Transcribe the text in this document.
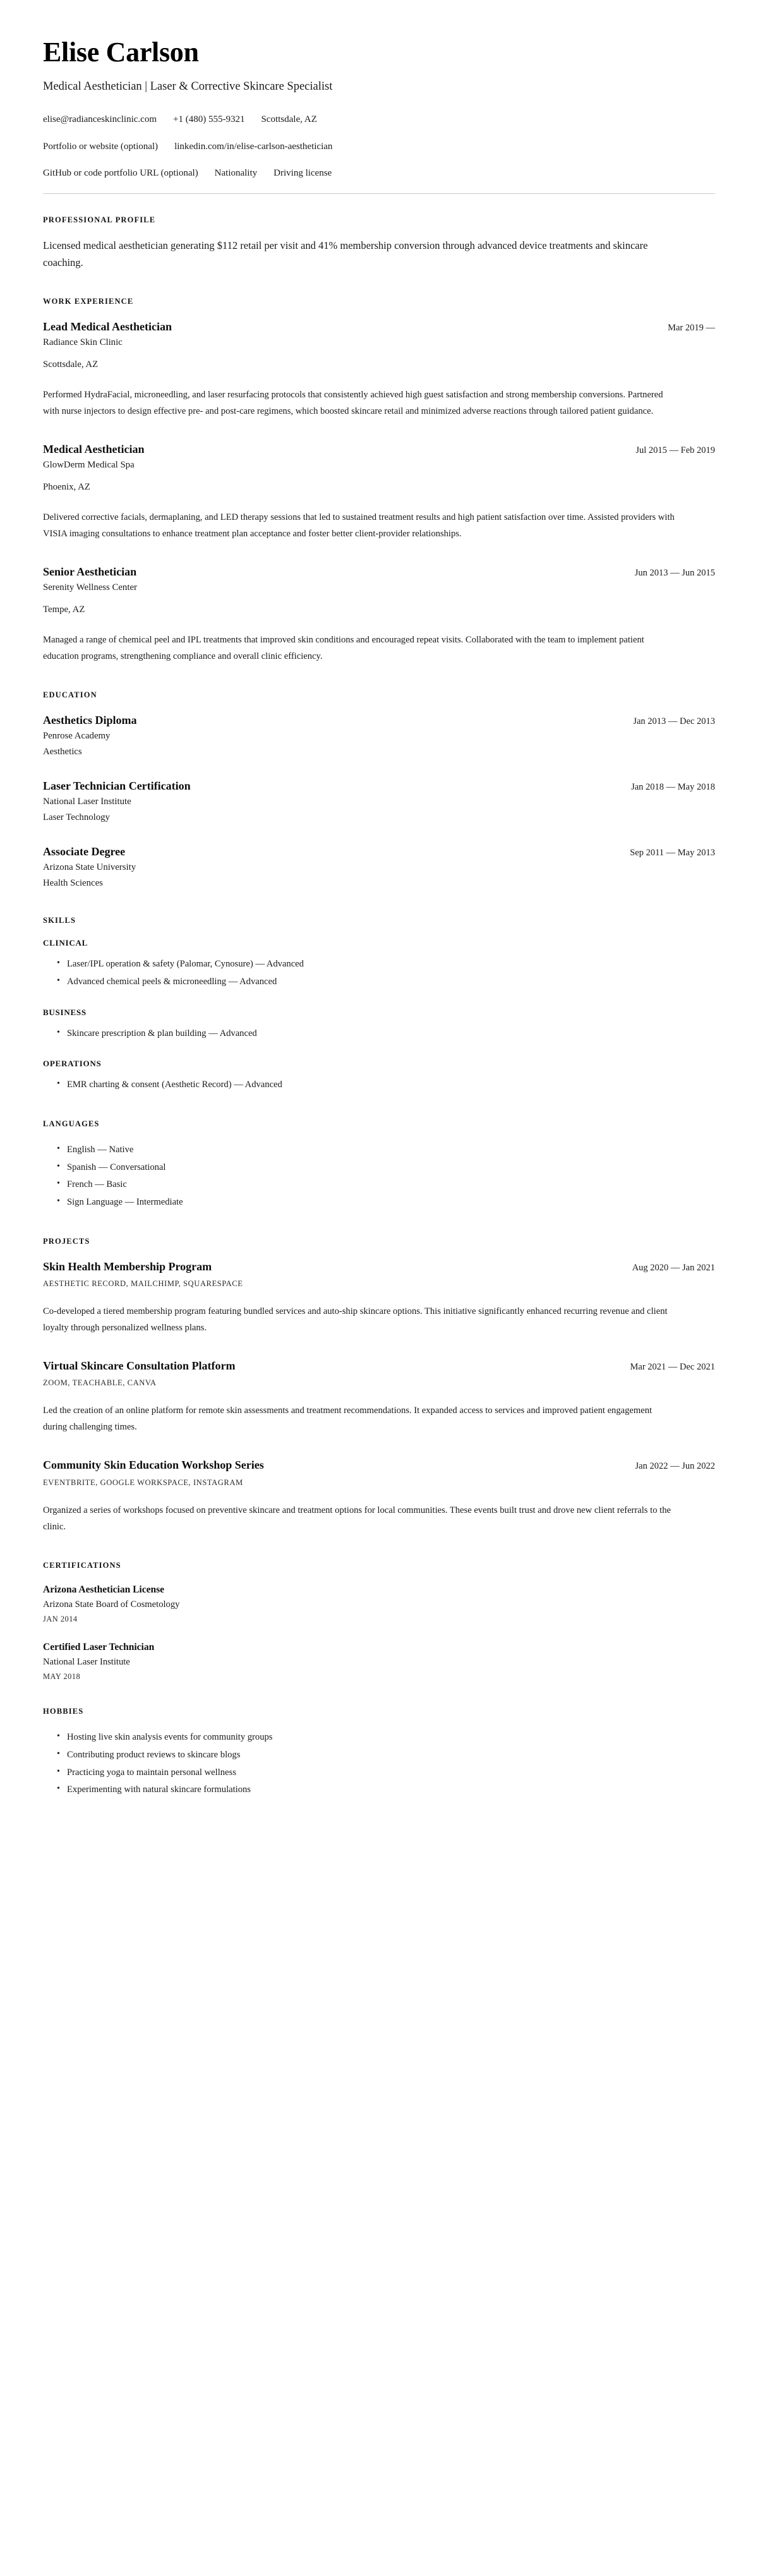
Elise Carlson

Medical Aesthetician | Laser & Corrective Skincare Specialist

elise@radianceskinclinic.com +1 (480) 555-9321 Scottsdale, AZ
Portfolio or website (optional) linkedin.com/in/elise-carlson-aesthetician
GitHub or code portfolio URL (optional) Nationality Driving license
PROFESSIONAL PROFILE

Licensed medical aesthetician generating $112 retail per visit and 41% membership conversion through advanced device treatments and skincare coaching.

WORK EXPERIENCE
Lead Medical Aesthetician	Mar 2019 —

Radiance Skin Clinic

Scottsdale, AZ

Performed HydraFacial, microneedling, and laser resurfacing protocols that consistently achieved high guest satisfaction and strong membership conversions. Partnered with nurse injectors to design effective pre- and post-care regimens, which boosted skincare retail and minimized adverse reactions through tailored patient guidance.

Medical Aesthetician	Jul 2015 — Feb 2019

GlowDerm Medical Spa

Phoenix, AZ

Delivered corrective facials, dermaplaning, and LED therapy sessions that led to sustained treatment results and high patient satisfaction over time. Assisted providers with VISIA imaging consultations to enhance treatment plan acceptance and foster better client-provider relationships.

Senior Aesthetician	Jun 2013 — Jun 2015

Serenity Wellness Center

Tempe, AZ

Managed a range of chemical peel and IPL treatments that improved skin conditions and encouraged repeat visits. Collaborated with the team to implement patient education programs, strengthening compliance and overall clinic efficiency.

EDUCATION
Aesthetics Diploma	Jan 2013 — Dec 2013

Penrose Academy

Aesthetics

Laser Technician Certification	Jan 2018 — May 2018

National Laser Institute

Laser Technology

Associate Degree	Sep 2011 — May 2013

Arizona State University

Health Sciences

SKILLS
CLINICAL
• Laser/IPL operation & safety (Palomar, Cynosure) — Advanced
• Advanced chemical peels & microneedling — Advanced
BUSINESS
• Skincare prescription & plan building — Advanced
OPERATIONS
• EMR charting & consent (Aesthetic Record) — Advanced
LANGUAGES
• English — Native
• Spanish — Conversational
• French — Basic
• Sign Language — Intermediate
PROJECTS
Skin Health Membership Program	Aug 2020 — Jan 2021

AESTHETIC RECORD, MAILCHIMP, SQUARESPACE

Co-developed a tiered membership program featuring bundled services and auto-ship skincare options. This initiative significantly enhanced recurring revenue and client loyalty through personalized wellness plans.

Virtual Skincare Consultation Platform	Mar 2021 — Dec 2021

ZOOM, TEACHABLE, CANVA

Led the creation of an online platform for remote skin assessments and treatment recommendations. It expanded access to services and improved patient engagement during challenging times.

Community Skin Education Workshop Series	Jan 2022 — Jun 2022

EVENTBRITE, GOOGLE WORKSPACE, INSTAGRAM

Organized a series of workshops focused on preventive skincare and treatment options for local communities. These events built trust and drove new client referrals to the clinic.

CERTIFICATIONS
Arizona Aesthetician License

Arizona State Board of Cosmetology

JAN 2014

Certified Laser Technician

National Laser Institute

MAY 2018

HOBBIES
• Hosting live skin analysis events for community groups
• Contributing product reviews to skincare blogs
• Practicing yoga to maintain personal wellness
• Experimenting with natural skincare formulations
